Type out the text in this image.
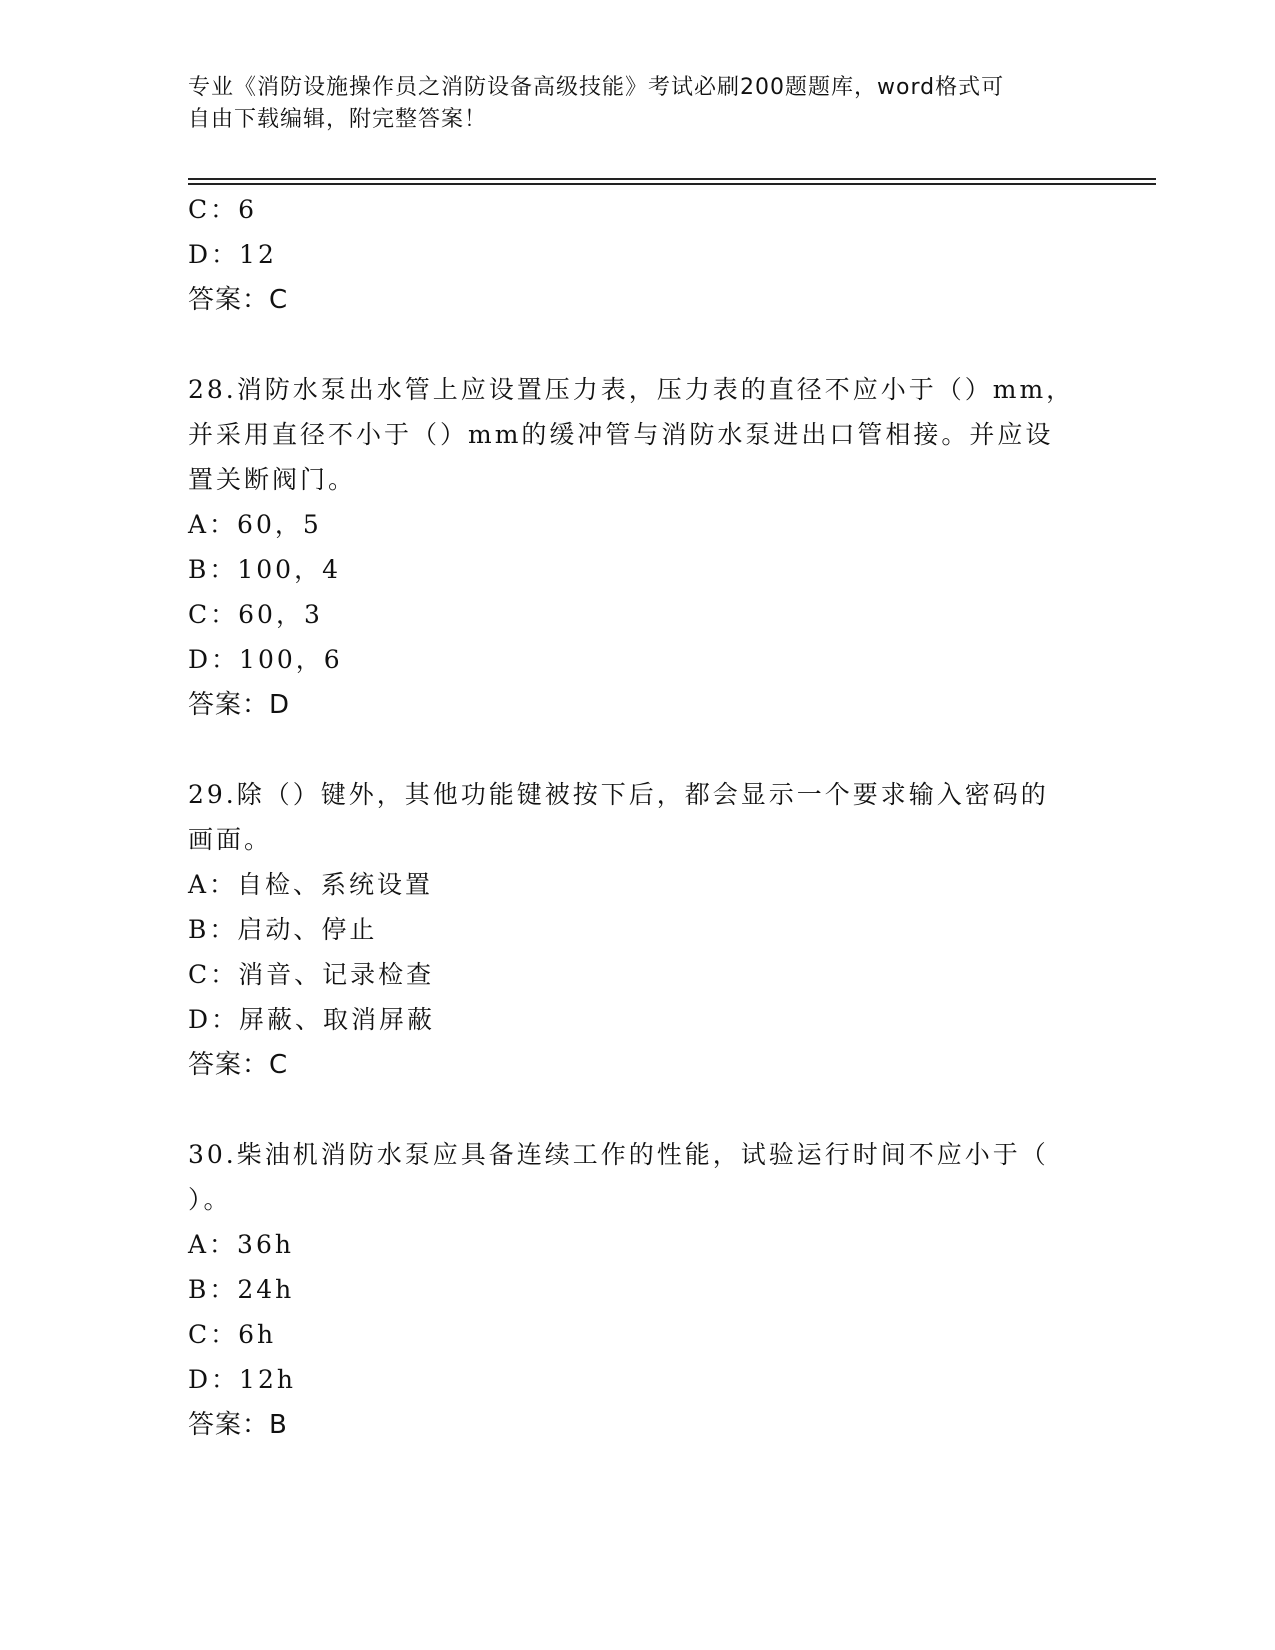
专业《消防设施操作员之消防设备高级技能》考试必刷200题题库，word格式可
自由下载编辑，附完整答案！
C：6
D：12
答案：C
28.消防水泵出水管上应设置压力表，压力表的直径不应小于（）mm，
并采用直径不小于（）mm的缓冲管与消防水泵进出口管相接。并应设
置关断阀门。
A：60，5
B：100，4
C：60，3
D：100，6
答案：D
29.除（）键外，其他功能键被按下后，都会显示一个要求输入密码的
画面。
A：自检、系统设置
B：启动、停止
C：消音、记录检查
D：屏蔽、取消屏蔽
答案：C
30.柴油机消防水泵应具备连续工作的性能，试验运行时间不应小于（
）。
A：36h
B：24h
C：6h
D：12h
答案：B
